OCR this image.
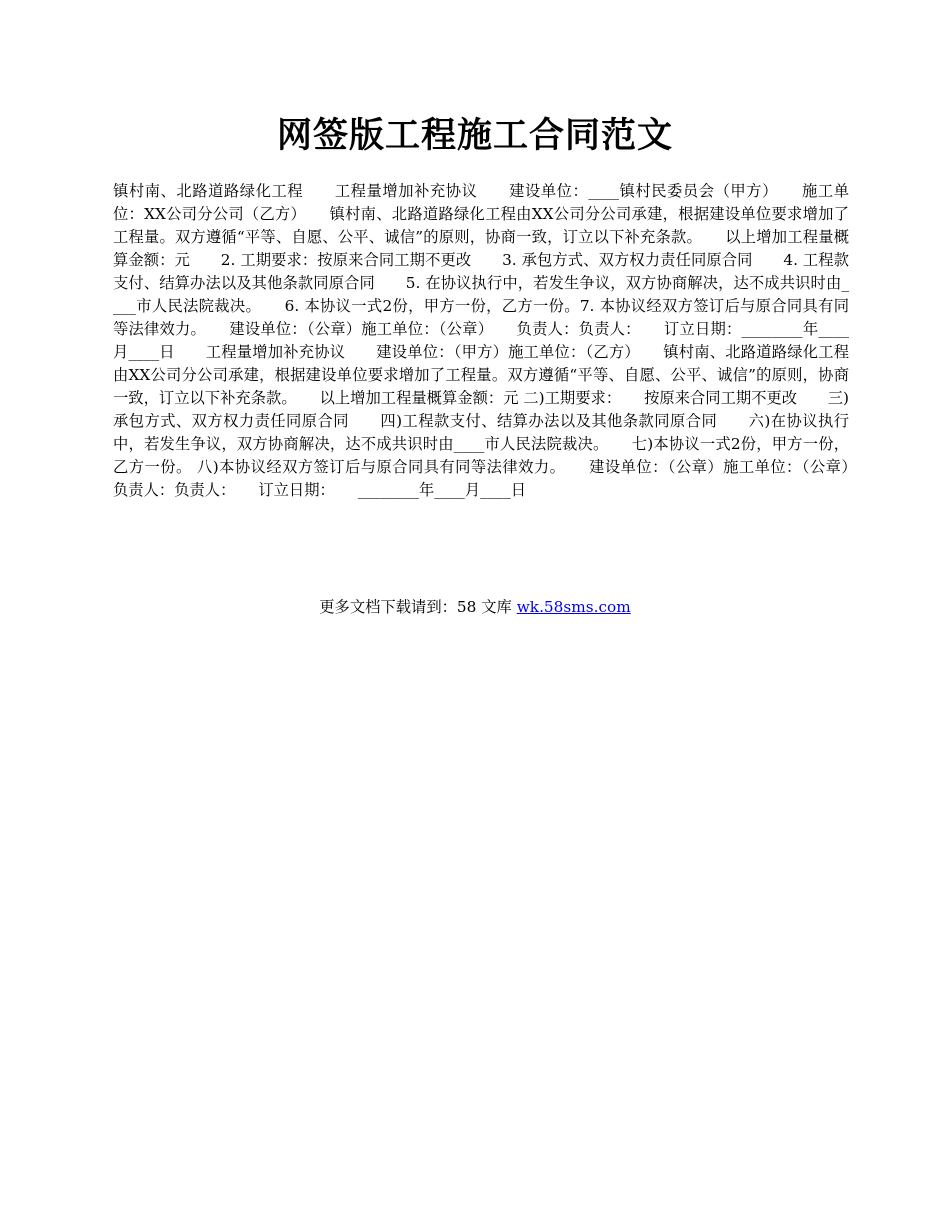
网签版工程施工合同范文
镇村南、北路道路绿化工程　　工程量增加补充协议　　建设单位：____镇村民委员会（甲方）　　施工单位：XX公司分公司（乙方）　　镇村南、北路道路绿化工程由XX公司分公司承建，根据建设单位要求增加了工程量。双方遵循“平等、自愿、公平、诚信”的原则，协商一致，订立以下补充条款。　　以上增加工程量概算金额：元　　2. 工期要求：按原来合同工期不更改　　3. 承包方式、双方权力责任同原合同　　4. 工程款支付、结算办法以及其他条款同原合同　　5. 在协议执行中，若发生争议，双方协商解决，达不成共识时由____市人民法院裁决。　　6. 本协议一式2份，甲方一份，乙方一份。7. 本协议经双方签订后与原合同具有同等法律效力。　　建设单位：（公章）施工单位：（公章）　　负责人：负责人：　　订立日期：________年____月____日　　工程量增加补充协议　　建设单位：（甲方）施工单位：（乙方）　　镇村南、北路道路绿化工程由XX公司分公司承建，根据建设单位要求增加了工程量。双方遵循“平等、自愿、公平、诚信”的原则，协商一致，订立以下补充条款。　　以上增加工程量概算金额：元 二)工期要求：　　按原来合同工期不更改　　三)承包方式、双方权力责任同原合同　　四)工程款支付、结算办法以及其他条款同原合同　　六)在协议执行中，若发生争议，双方协商解决，达不成共识时由____市人民法院裁决。　　七)本协议一式2份，甲方一份，乙方一份。 八)本协议经双方签订后与原合同具有同等法律效力。　　建设单位：（公章）施工单位：（公章）　　负责人：负责人：　　订立日期：　　________年____月____日
更多文档下载请到：58 文库 wk.58sms.com
